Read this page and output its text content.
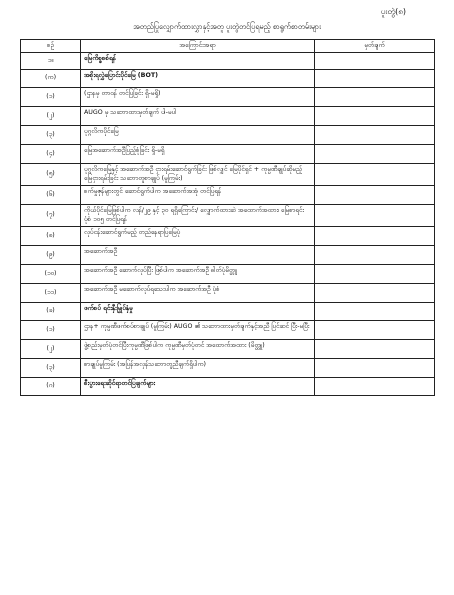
ပူးတွဲ(၈)
အတည်ပြုလျှောက်ထားလွှာနှင့်အတူ ပူးတွဲတင်ပြရမည့် စာရွက်စာတမ်းများ
စဉ်	အကြောင်းအရာ	မှတ်ချက်
၁။	မြေကိစ္စစစ်ရန်	
(က)	အစိုးရလွှဲပြောင်းပိုင်မြေ (BOT)	
(၁)	(ဌာနမှ တာဝန် တင်ပြခြင်း ရှိ-မရှိ)	
(၂)	AUGO မှ သဘောထားမှတ်ချက် ပါ-မပါ	
(၃)	ပုဂ္ဂလိကပိုင်မြေ	
(၄)	မြေအဆောက်အဦပြည့်စုံခြင်း ရှိ-မရှိ	
(၅)	ပုဂ္ဂလိကမြေနှင့် အဆောက်အဦ ငှားရမ်းဆောင်ရွက်ခြင်း ဖြစ်လျှင် မြေပိုင်ရှင် + ကုမ္ပဏီချုပ်ဆိုမည့် မြေငှားရမ်းခြင်း သဘောတူစာချုပ် (မူကြမ်း)	
(၆)	စက်မှုဇုန်များတွင် ဆောင်ရွက်ပါက အဆောက်အအုံ တင်ပြရန်	
(၇)	ကိုယ်ပိုင်မြေဖြစ်ပါက လန်/၂၉ နှင့် ၃၀ ရရှိကြောင်း/ လျှောက်ထားဆဲ အထောက်အထား၊ မြေစာရင်း ပုံစံ ၁၀၅ တင်ပြရန်	
(၈)	လုပ်ငန်းဆောင်ရွက်မည့် တည်နေရာပြမြေပုံ	
(၉)	အဆောက်အဦ	
(၁၀)	အဆောက်အဦ ဆောက်လုပ်ပြီး ဖြစ်ပါက အဆောက်အဦ ဓါတ်ပုံမိတ္တူ	
(၁၁)	အဆောက်အဦ မဆောက်လုပ်ရသေးပါက အဆောက်အဦ ပုံစံ	
(ခ)	ဖက်စပ် ရင်းနှီးမြှုပ်နှံမှု	
(၁)	ဌာန+ ကုမ္ပဏီဖက်စပ်စာချုပ် (မူကြမ်း) AUGO ၏ သဘောထားမှတ်ချက်နှင့်အညီ ပြင်ဆင် ပြီး-မပြီး	
(၂)	ဖွဲ့စည်းမှတ်ပုံတင်ပြီးကုမ္ပဏီဖြစ်ပါက ကုမ္ပဏီမှတ်ပုံတင် အထောက်အထား (မိတ္တူ)	
(၃)	စာချုပ်မူကြမ်း (အပြန်အလှန်သဘောတူညီချက်ရှိပါက)	
(ဂ)	စီးပွားရေးဆိုင်ရာတင်ပြချက်များ	
